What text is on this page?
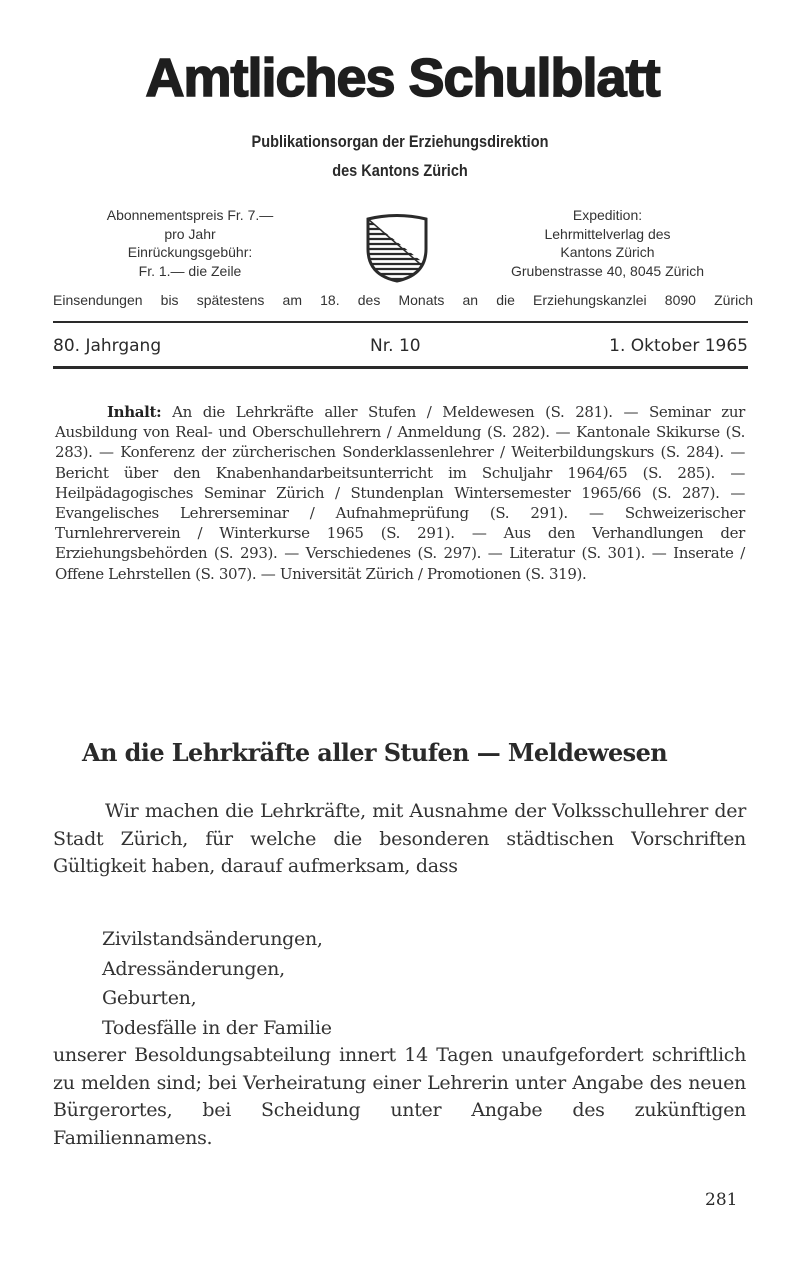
Amtliches Schulblatt
Publikationsorgan der Erziehungsdirektion
des Kantons Zürich
Abonnementspreis Fr. 7.—
pro Jahr
Einrückungsgebühr:
Fr. 1.— die Zeile
Expedition:
Lehrmittelverlag des
Kantons Zürich
Grubenstrasse 40, 8045 Zürich
Einsendungen bis spätestens am 18. des Monats an die Erziehungskanzlei 8090 Zürich
80. Jahrgang	Nr. 10	1. Oktober 1965
Inhalt: An die Lehrkräfte aller Stufen / Meldewesen (S. 281). — Seminar zur Ausbildung von Real- und Oberschullehrern / Anmeldung (S. 282). — Kantonale Skikurse (S. 283). — Konferenz der zürcherischen Sonderklassenlehrer / Weiterbildungskurs (S. 284). — Bericht über den Knabenhandarbeitsunterricht im Schuljahr 1964/65 (S. 285). — Heilpädagogisches Seminar Zürich / Stundenplan Wintersemester 1965/66 (S. 287). — Evangelisches Lehrerseminar / Aufnahmeprüfung (S. 291). — Schweizerischer Turnlehrerverein / Winterkurse 1965 (S. 291). — Aus den Verhandlungen der Erziehungsbehörden (S. 293). — Verschiedenes (S. 297). — Literatur (S. 301). — Inserate / Offene Lehrstellen (S. 307). — Universität Zürich / Promotionen (S. 319).
An die Lehrkräfte aller Stufen — Meldewesen
Wir machen die Lehrkräfte, mit Ausnahme der Volksschullehrer der Stadt Zürich, für welche die besonderen städtischen Vorschriften Gültigkeit haben, darauf aufmerksam, dass
Zivilstandsänderungen,
Adressänderungen,
Geburten,
Todesfälle in der Familie
unserer Besoldungsabteilung innert 14 Tagen unaufgefordert schriftlich zu melden sind; bei Verheiratung einer Lehrerin unter Angabe des neuen Bürgerortes, bei Scheidung unter Angabe des zukünftigen Familiennamens.
281
